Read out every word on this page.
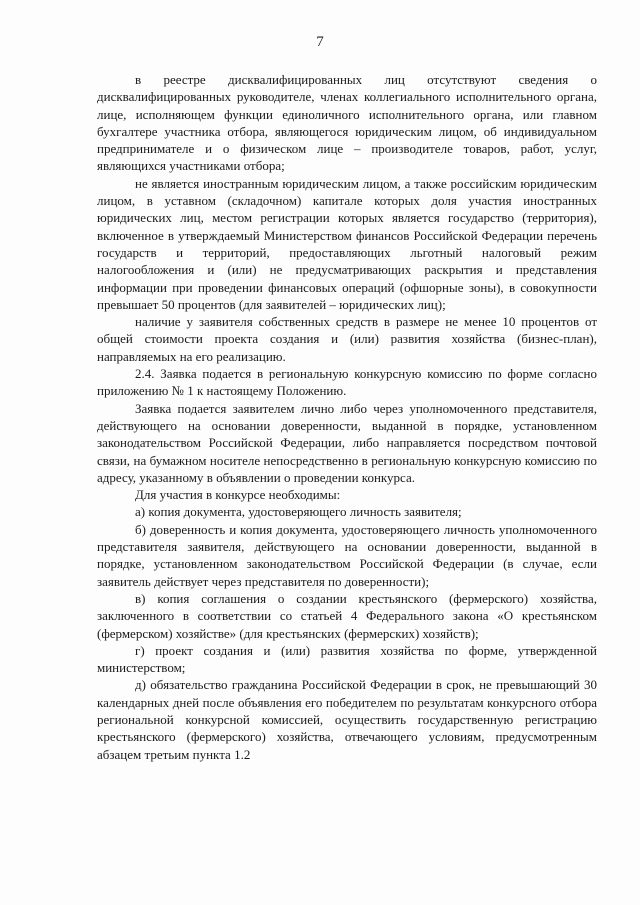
7

в реестре дисквалифицированных лиц отсутствуют сведения о дисквалифицированных руководителе, членах коллегиального исполнительного органа, лице, исполняющем функции единоличного исполнительного органа, или главном бухгалтере участника отбора, являющегося юридическим лицом, об индивидуальном предпринимателе и о физическом лице – производителе товаров, работ, услуг, являющихся участниками отбора;

не является иностранным юридическим лицом, а также российским юридическим лицом, в уставном (складочном) капитале которых доля участия иностранных юридических лиц, местом регистрации которых является государство (территория), включенное в утверждаемый Министерством финансов Российской Федерации перечень государств и территорий, предоставляющих льготный налоговый режим налогообложения и (или) не предусматривающих раскрытия и представления информации при проведении финансовых операций (офшорные зоны), в совокупности превышает 50 процентов (для заявителей – юридических лиц);

наличие у заявителя собственных средств в размере не менее 10 процентов от общей стоимости проекта создания и (или) развития хозяйства (бизнес-план), направляемых на его реализацию.

2.4. Заявка подается в региональную конкурсную комиссию по форме согласно приложению № 1 к настоящему Положению.

Заявка подается заявителем лично либо через уполномоченного представителя, действующего на основании доверенности, выданной в порядке, установленном законодательством Российской Федерации, либо направляется посредством почтовой связи, на бумажном носителе непосредственно в региональную конкурсную комиссию по адресу, указанному в объявлении о проведении конкурса.

Для участия в конкурсе необходимы:

а) копия документа, удостоверяющего личность заявителя;

б) доверенность и копия документа, удостоверяющего личность уполномоченного представителя заявителя, действующего на основании доверенности, выданной в порядке, установленном законодательством Российской Федерации (в случае, если заявитель действует через представителя по доверенности);

в) копия соглашения о создании крестьянского (фермерского) хозяйства, заключенного в соответствии со статьей 4 Федерального закона «О крестьянском (фермерском) хозяйстве» (для крестьянских (фермерских) хозяйств);

г) проект создания и (или) развития хозяйства по форме, утвержденной министерством;

д) обязательство гражданина Российской Федерации в срок, не превышающий 30 календарных дней после объявления его победителем по результатам конкурсного отбора региональной конкурсной комиссией, осуществить государственную регистрацию крестьянского (фермерского) хозяйства, отвечающего условиям, предусмотренным абзацем третьим пункта 1.2
